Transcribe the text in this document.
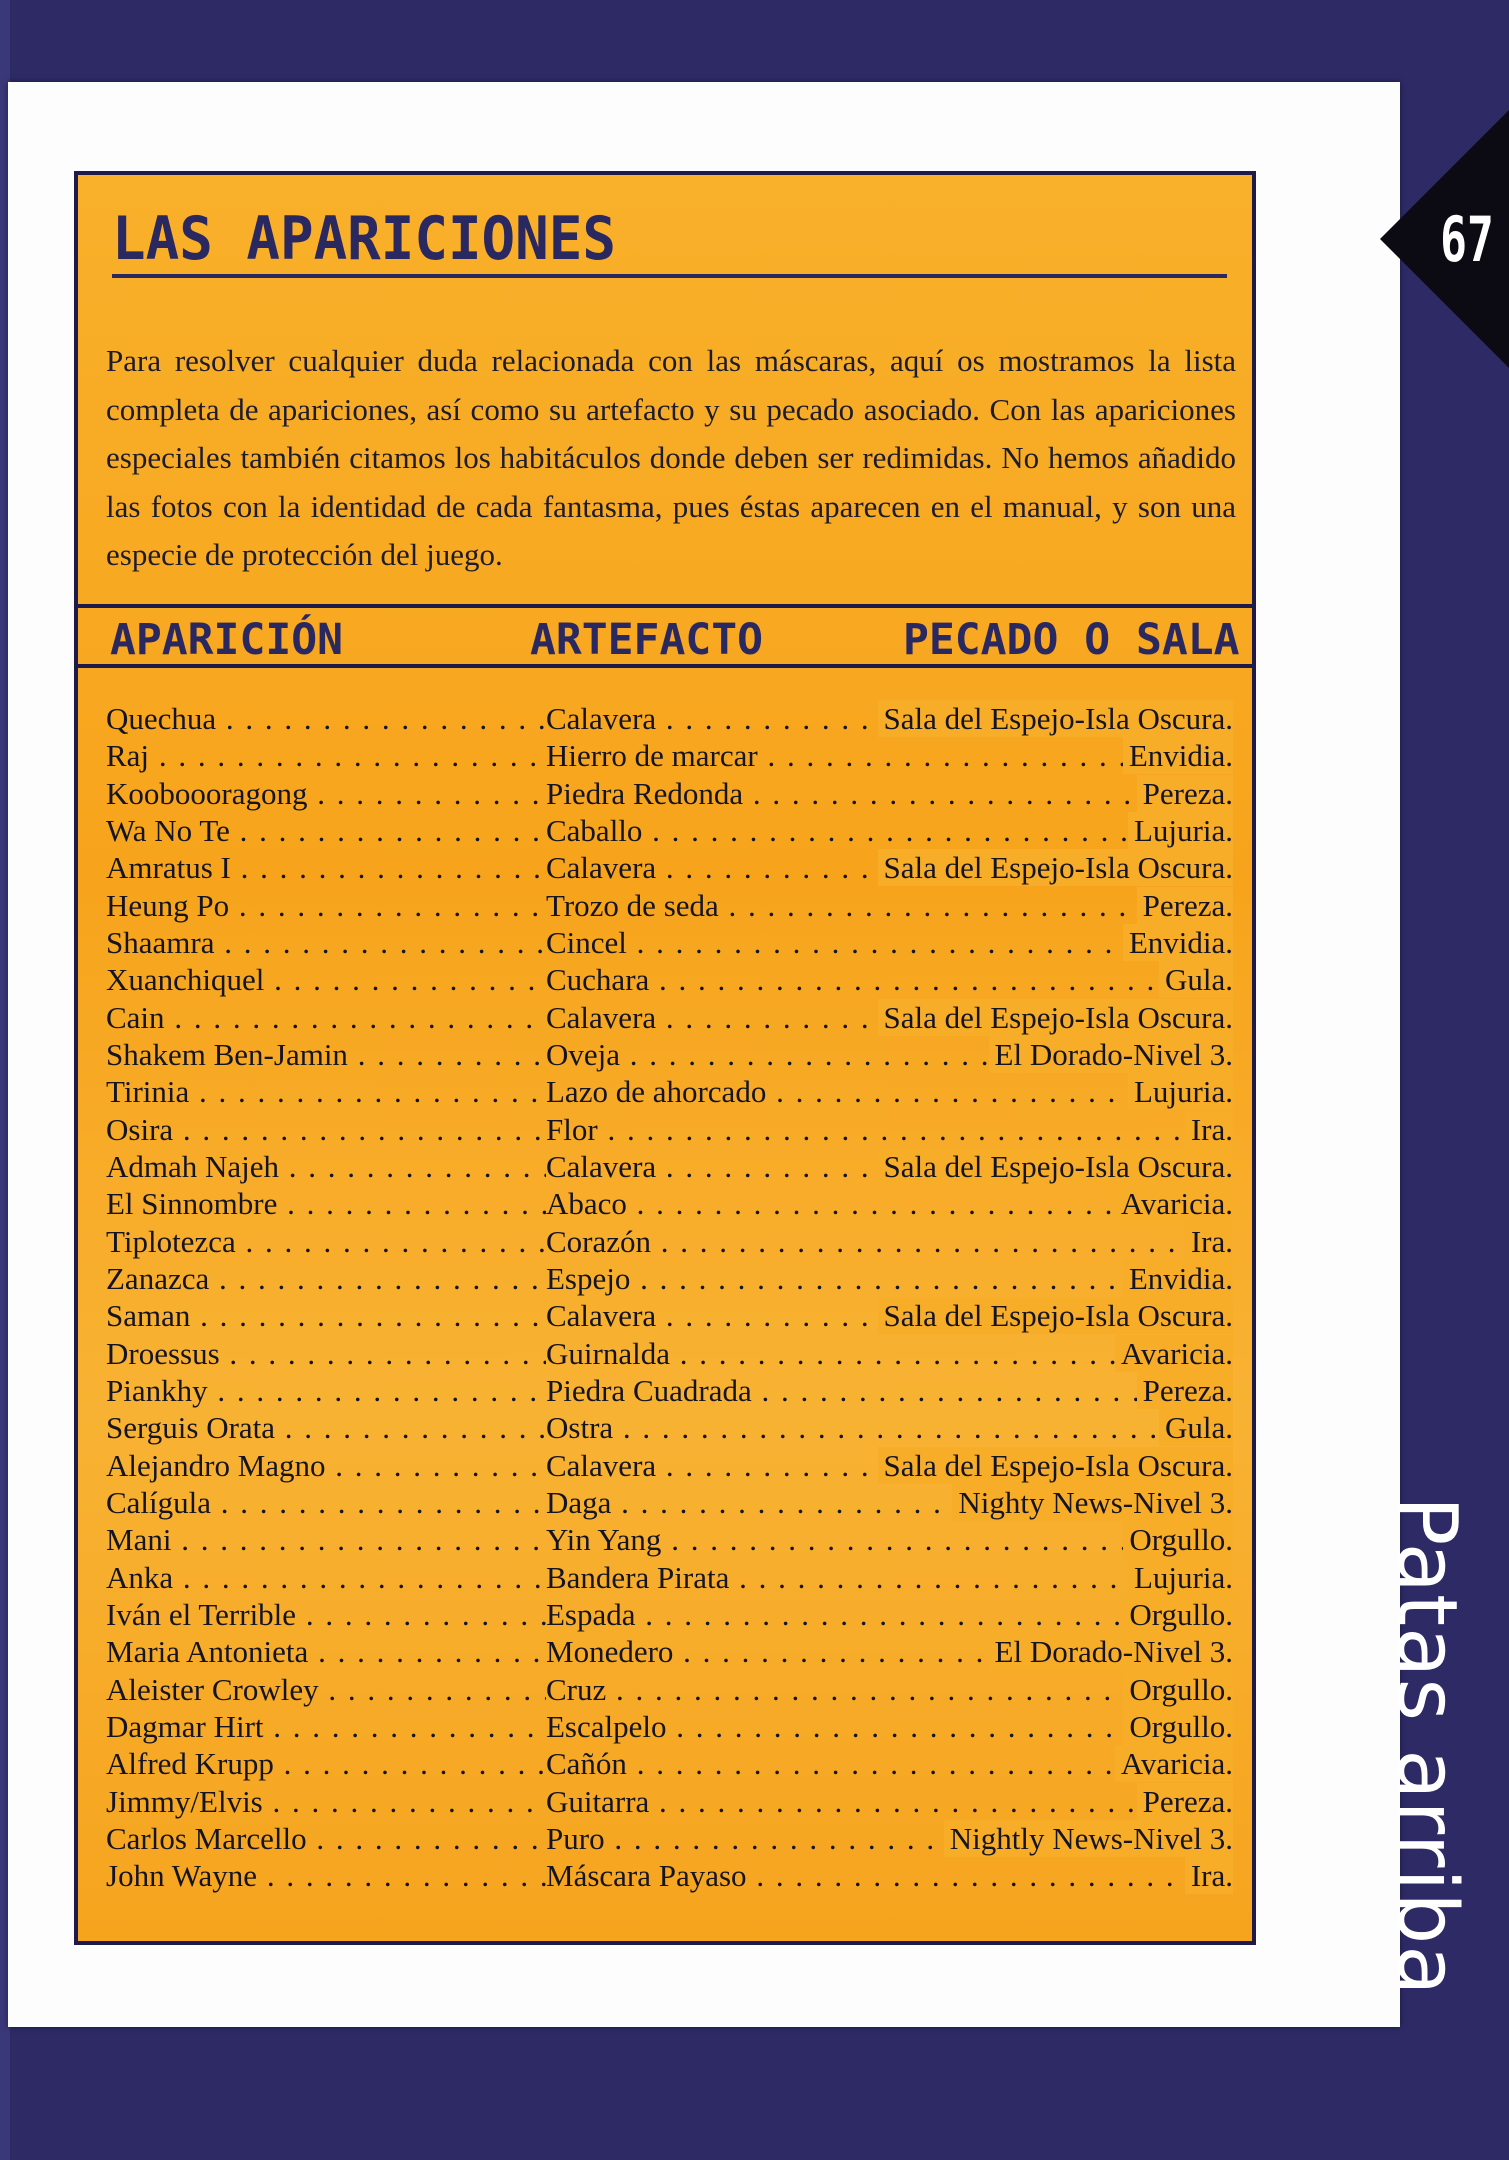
67
Patas arriba
LAS APARICIONES

Para resolver cualquier duda relacionada con las máscaras, aquí os mostramos la lista completa de apariciones, así como su artefacto y su pecado asociado. Con las apariciones especiales también citamos los habitáculos donde deben ser redimidas. No hemos añadido las fotos con la identidad de cada fantasma, pues éstas aparecen en el manual, y son una especie de protección del juego.

APARICIÓN	ARTEFACTO	PECADO O SALA
Quechua . . .	Calavera . . .	Sala del Espejo-Isla Oscura.
Raj . . .	Hierro de marcar . . .	Envidia.
Kooboooragong . . .	Piedra Redonda . . .	Pereza.
Wa No Te . . .	Caballo . . .	Lujuria.
Amratus I . . .	Calavera . . .	Sala del Espejo-Isla Oscura.
Heung Po . . .	Trozo de seda . . .	Pereza.
Shaamra . . .	Cincel . . .	Envidia.
Xuanchiquel . . .	Cuchara . . .	Gula.
Cain . . .	Calavera . . .	Sala del Espejo-Isla Oscura.
Shakem Ben-Jamin . . .	Oveja . . .	El Dorado-Nivel 3.
Tirinia . . .	Lazo de ahorcado . . .	Lujuria.
Osira . . .	Flor . . .	Ira.
Admah Najeh . . .	Calavera . . .	Sala del Espejo-Isla Oscura.
El Sinnombre . . .	Abaco . . .	Avaricia.
Tiplotezca . . .	Corazón . . .	Ira.
Zanazca . . .	Espejo . . .	Envidia.
Saman . . .	Calavera . . .	Sala del Espejo-Isla Oscura.
Droessus . . .	Guirnalda . . .	Avaricia.
Piankhy . . .	Piedra Cuadrada . . .	Pereza.
Serguis Orata . . .	Ostra . . .	Gula.
Alejandro Magno . . .	Calavera . . .	Sala del Espejo-Isla Oscura.
Calígula . . .	Daga . . .	Nighty News-Nivel 3.
Mani . . .	Yin Yang . . .	Orgullo.
Anka . . .	Bandera Pirata . . .	Lujuria.
Iván el Terrible . . .	Espada . . .	Orgullo.
Maria Antonieta . . .	Monedero . . .	El Dorado-Nivel 3.
Aleister Crowley . . .	Cruz . . .	Orgullo.
Dagmar Hirt . . .	Escalpelo . . .	Orgullo.
Alfred Krupp . . .	Cañón . . .	Avaricia.
Jimmy/Elvis . . .	Guitarra . . .	Pereza.
Carlos Marcello . . .	Puro . . .	Nightly News-Nivel 3.
John Wayne . . .	Máscara Payaso . . .	Ira.
